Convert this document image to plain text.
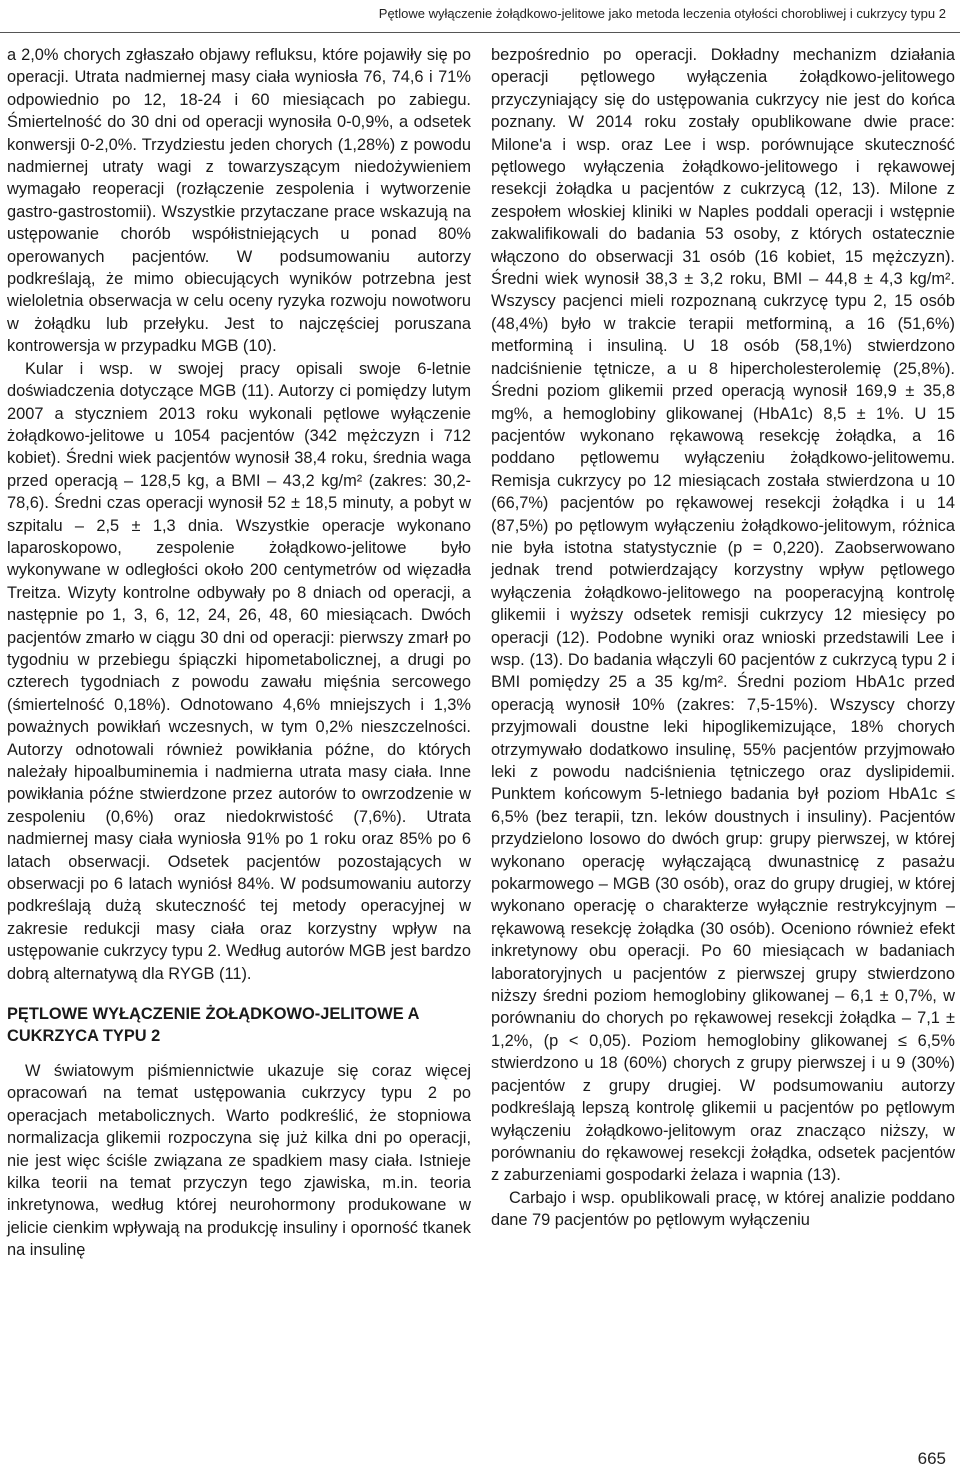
Pętlowe wyłączenie żołądkowo-jelitowe jako metoda leczenia otyłości chorobliwej i cukrzycy typu 2

a 2,0% chorych zgłaszało objawy refluksu, które pojawiły się po operacji. Utrata nadmiernej masy ciała wyniosła 76, 74,6 i 71% odpowiednio po 12, 18-24 i 60 miesiącach po zabiegu. Śmiertelność do 30 dni od operacji wynosiła 0-0,9%, a odsetek konwersji 0-2,0%. Trzydziestu jeden chorych (1,28%) z powodu nadmiernej utraty wagi z towarzyszącym niedożywieniem wymagało reoperacji (rozłączenie zespolenia i wytworzenie gastro-gastrostomii). Wszystkie przytaczane prace wskazują na ustępowanie chorób współistniejących u ponad 80% operowanych pacjentów. W podsumowaniu autorzy podkreślają, że mimo obiecujących wyników potrzebna jest wieloletnia obserwacja w celu oceny ryzyka rozwoju nowotworu w żołądku lub przełyku. Jest to najczęściej poruszana kontrowersja w przypadku MGB (10).

Kular i wsp. w swojej pracy opisali swoje 6-letnie doświadczenia dotyczące MGB (11). Autorzy ci pomiędzy lutym 2007 a styczniem 2013 roku wykonali pętlowe wyłączenie żołądkowo-jelitowe u 1054 pacjentów (342 mężczyzn i 712 kobiet). Średni wiek pacjentów wynosił 38,4 roku, średnia waga przed operacją – 128,5 kg, a BMI – 43,2 kg/m² (zakres: 30,2-78,6). Średni czas operacji wynosił 52 ± 18,5 minuty, a pobyt w szpitalu – 2,5 ± 1,3 dnia. Wszystkie operacje wykonano laparoskopowo, zespolenie żołądkowo-jelitowe było wykonywane w odległości około 200 centymetrów od więzadła Treitza. Wizyty kontrolne odbywały po 8 dniach od operacji, a następnie po 1, 3, 6, 12, 24, 26, 48, 60 miesiącach. Dwóch pacjentów zmarło w ciągu 30 dni od operacji: pierwszy zmarł po tygodniu w przebiegu śpiączki hipometabolicznej, a drugi po czterech tygodniach z powodu zawału mięśnia sercowego (śmiertelność 0,18%). Odnotowano 4,6% mniejszych i 1,3% poważnych powikłań wczesnych, w tym 0,2% nieszczelności. Autorzy odnotowali również powikłania późne, do których należały hipoalbuminemia i nadmierna utrata masy ciała. Inne powikłania późne stwierdzone przez autorów to owrzodzenie w zespoleniu (0,6%) oraz niedokrwistość (7,6%). Utrata nadmiernej masy ciała wyniosła 91% po 1 roku oraz 85% po 6 latach obserwacji. Odsetek pacjentów pozostających w obserwacji po 6 latach wyniósł 84%. W podsumowaniu autorzy podkreślają dużą skuteczność tej metody operacyjnej w zakresie redukcji masy ciała oraz korzystny wpływ na ustępowanie cukrzycy typu 2. Według autorów MGB jest bardzo dobrą alternatywą dla RYGB (11).

PĘTLOWE WYŁĄCZENIE ŻOŁĄDKOWO-JELITOWE A CUKRZYCA TYPU 2

W światowym piśmiennictwie ukazuje się coraz więcej opracowań na temat ustępowania cukrzycy typu 2 po operacjach metabolicznych. Warto podkreślić, że stopniowa normalizacja glikemii rozpoczyna się już kilka dni po operacji, nie jest więc ściśle związana ze spadkiem masy ciała. Istnieje kilka teorii na temat przyczyn tego zjawiska, m.in. teoria inkretynowa, według której neurohormony produkowane w jelicie cienkim wpływają na produkcję insuliny i oporność tkanek na insulinę

bezpośrednio po operacji. Dokładny mechanizm działania operacji pętlowego wyłączenia żołądkowo-jelitowego przyczyniający się do ustępowania cukrzycy nie jest do końca poznany. W 2014 roku zostały opublikowane dwie prace: Milone'a i wsp. oraz Lee i wsp. porównujące skuteczność pętlowego wyłączenia żołądkowo-jelitowego i rękawowej resekcji żołądka u pacjentów z cukrzycą (12, 13). Milone z zespołem włoskiej kliniki w Naples poddali operacji i wstępnie zakwalifikowali do badania 53 osoby, z których ostatecznie włączono do obserwacji 31 osób (16 kobiet, 15 mężczyzn). Średni wiek wynosił 38,3 ± 3,2 roku, BMI – 44,8 ± 4,3 kg/m². Wszyscy pacjenci mieli rozpoznaną cukrzycę typu 2, 15 osób (48,4%) było w trakcie terapii metforminą, a 16 (51,6%) metforminą i insuliną. U 18 osób (58,1%) stwierdzono nadciśnienie tętnicze, a u 8 hipercholesterolemię (25,8%). Średni poziom glikemii przed operacją wynosił 169,9 ± 35,8 mg%, a hemoglobiny glikowanej (HbA1c) 8,5 ± 1%. U 15 pacjentów wykonano rękawową resekcję żołądka, a 16 poddano pętlowemu wyłączeniu żołądkowo-jelitowemu. Remisja cukrzycy po 12 miesiącach została stwierdzona u 10 (66,7%) pacjentów po rękawowej resekcji żołądka i u 14 (87,5%) po pętlowym wyłączeniu żołądkowo-jelitowym, różnica nie była istotna statystycznie (p = 0,220). Zaobserwowano jednak trend potwierdzający korzystny wpływ pętlowego wyłączenia żołądkowo-jelitowego na pooperacyjną kontrolę glikemii i wyższy odsetek remisji cukrzycy 12 miesięcy po operacji (12). Podobne wyniki oraz wnioski przedstawili Lee i wsp. (13). Do badania włączyli 60 pacjentów z cukrzycą typu 2 i BMI pomiędzy 25 a 35 kg/m². Średni poziom HbA1c przed operacją wynosił 10% (zakres: 7,5-15%). Wszyscy chorzy przyjmowali doustne leki hipoglikemizujące, 18% chorych otrzymywało dodatkowo insulinę, 55% pacjentów przyjmowało leki z powodu nadciśnienia tętniczego oraz dyslipidemii. Punktem końcowym 5-letniego badania był poziom HbA1c ≤ 6,5% (bez terapii, tzn. leków doustnych i insuliny). Pacjentów przydzielono losowo do dwóch grup: grupy pierwszej, w której wykonano operację wyłączającą dwunastnicę z pasażu pokarmowego – MGB (30 osób), oraz do grupy drugiej, w której wykonano operację o charakterze wyłącznie restrykcyjnym – rękawową resekcję żołądka (30 osób). Oceniono również efekt inkretynowy obu operacji. Po 60 miesiącach w badaniach laboratoryjnych u pacjentów z pierwszej grupy stwierdzono niższy średni poziom hemoglobiny glikowanej – 6,1 ± 0,7%, w porównaniu do chorych po rękawowej resekcji żołądka – 7,1 ± 1,2%, (p < 0,05). Poziom hemoglobiny glikowanej ≤ 6,5% stwierdzono u 18 (60%) chorych z grupy pierwszej i u 9 (30%) pacjentów z grupy drugiej. W podsumowaniu autorzy podkreślają lepszą kontrolę glikemii u pacjentów po pętlowym wyłączeniu żołądkowo-jelitowym oraz znacząco niższy, w porównaniu do rękawowej resekcji żołądka, odsetek pacjentów z zaburzeniami gospodarki żelaza i wapnia (13).

Carbajo i wsp. opublikowali pracę, w której analizie poddano dane 79 pacjentów po pętlowym wyłączeniu

665
